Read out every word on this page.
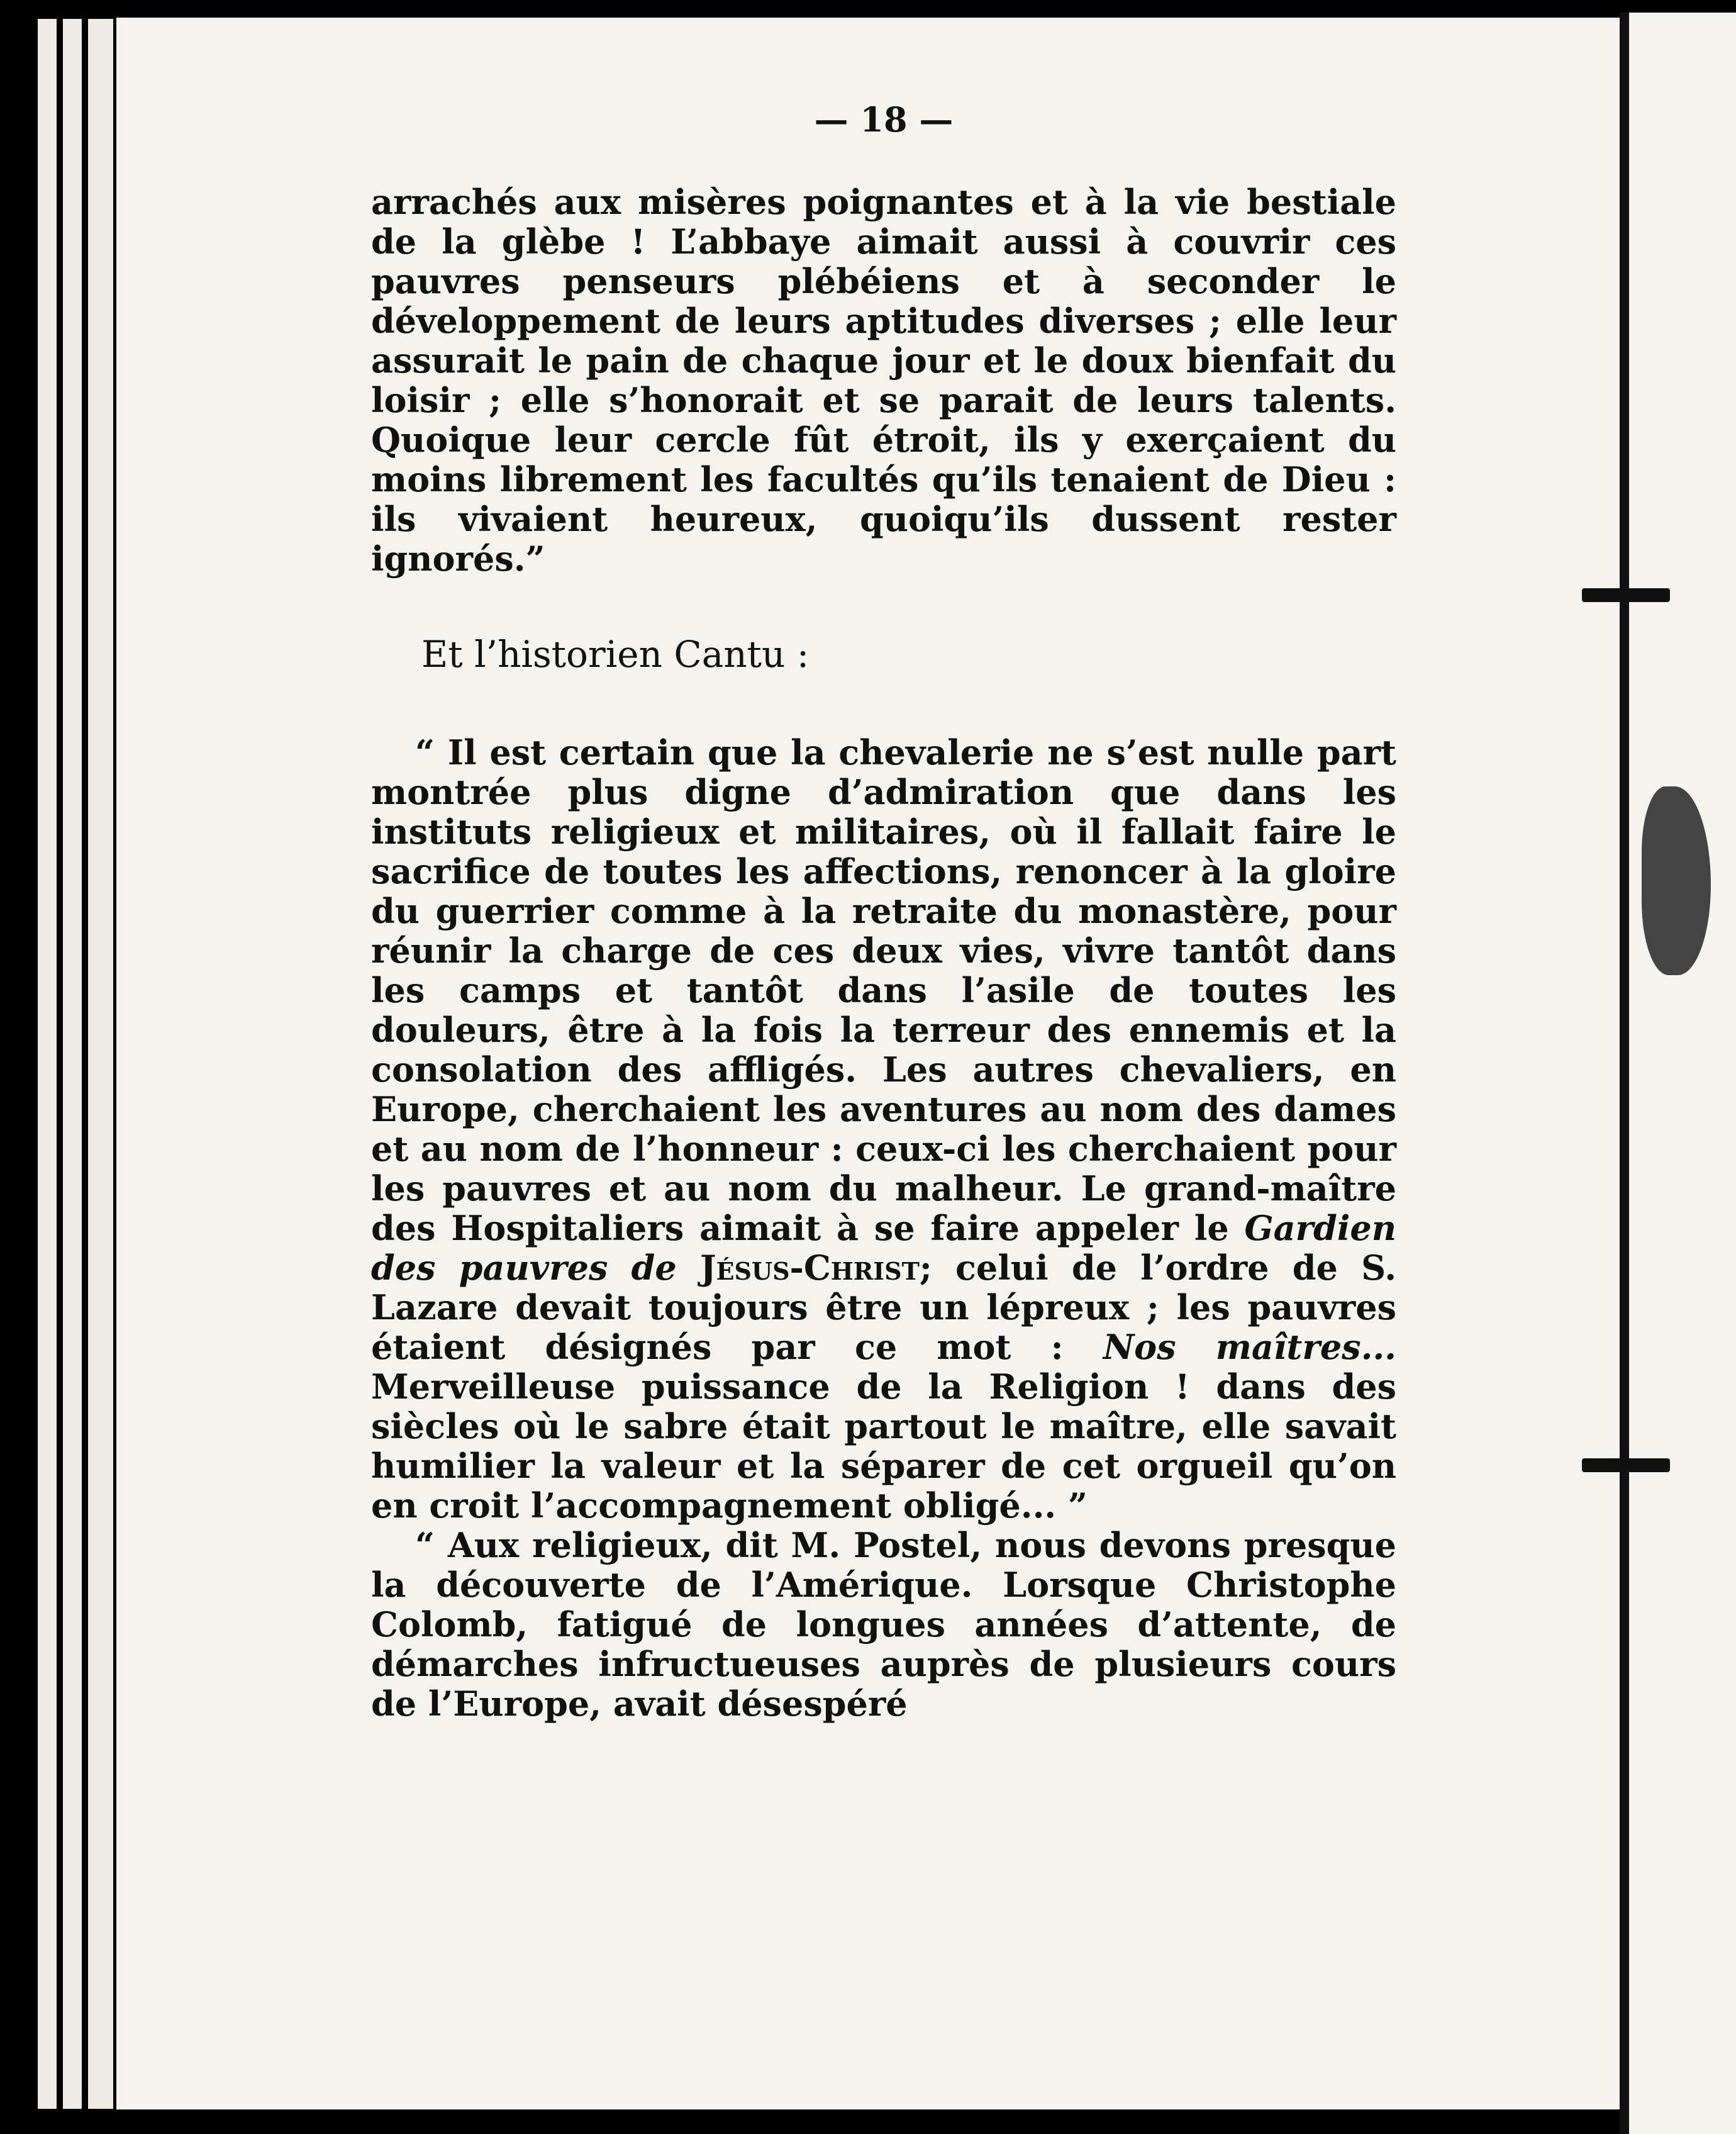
— 18 —

arrachés aux misères poignantes et à la vie bestiale de la glèbe ! L’abbaye aimait aussi à couvrir ces pauvres penseurs plébéiens et à seconder le développement de leurs aptitudes diverses ; elle leur assurait le pain de chaque jour et le doux bienfait du loisir ; elle s’honorait et se parait de leurs talents. Quoique leur cercle fût étroit, ils y exerçaient du moins librement les facultés qu’ils tenaient de Dieu : ils vivaient heureux, quoiqu’ils dussent rester ignorés.”

Et l’historien Cantu :

“ Il est certain que la chevalerie ne s’est nulle part montrée plus digne d’admiration que dans les instituts religieux et militaires, où il fallait faire le sacrifice de toutes les affections, renoncer à la gloire du guerrier comme à la retraite du monastère, pour réunir la charge de ces deux vies, vivre tantôt dans les camps et tantôt dans l’asile de toutes les douleurs, être à la fois la terreur des ennemis et la consolation des affligés. Les autres chevaliers, en Europe, cherchaient les aventures au nom des dames et au nom de l’honneur : ceux-ci les cherchaient pour les pauvres et au nom du malheur. Le grand-maître des Hospitaliers aimait à se faire appeler le Gardien des pauvres de Jésus-Christ; celui de l’ordre de S. Lazare devait toujours être un lépreux ; les pauvres étaient désignés par ce mot : Nos maîtres... Merveilleuse puissance de la Religion ! dans des siècles où le sabre était partout le maître, elle savait humilier la valeur et la séparer de cet orgueil qu’on en croit l’accompagnement obligé... ”

“ Aux religieux, dit M. Postel, nous devons presque la découverte de l’Amérique. Lorsque Christophe Colomb, fatigué de longues années d’attente, de démarches infructueuses auprès de plusieurs cours de l’Europe, avait désespéré
